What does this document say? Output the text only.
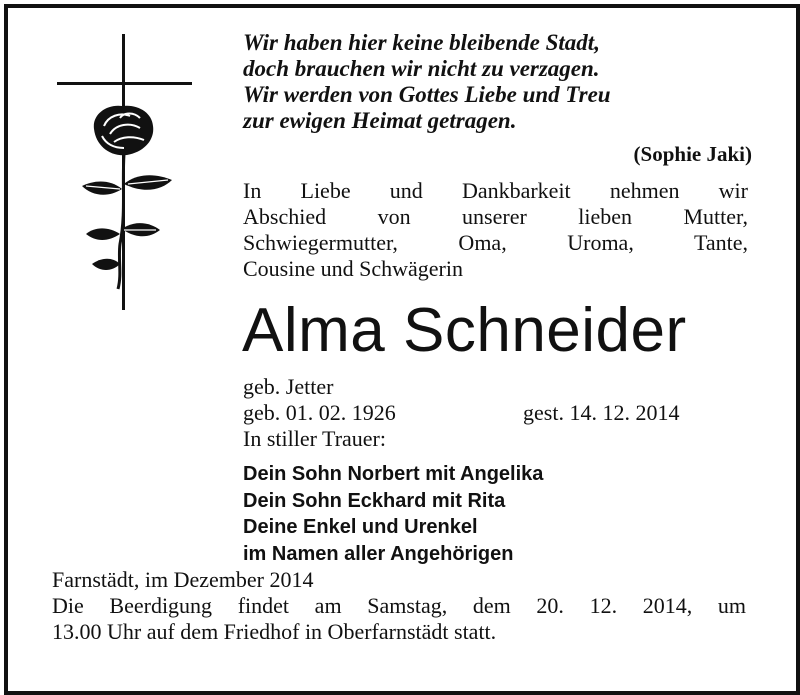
Wir haben hier keine bleibende Stadt,
doch brauchen wir nicht zu verzagen.
Wir werden von Gottes Liebe und Treu
zur ewigen Heimat getragen.
(Sophie Jaki)
In Liebe und Dankbarkeit nehmen wir
Abschied von unserer lieben Mutter,
Schwiegermutter, Oma, Uroma, Tante,
Cousine und Schwägerin
Alma Schneider
geb. Jetter
geb. 01. 02. 1926	gest. 14. 12. 2014
In stiller Trauer:
Dein Sohn Norbert mit Angelika
Dein Sohn Eckhard mit Rita
Deine Enkel und Urenkel
im Namen aller Angehörigen
Farnstädt, im Dezember 2014
Die Beerdigung findet am Samstag, dem 20. 12. 2014, um
13.00 Uhr auf dem Friedhof in Oberfarnstädt statt.
